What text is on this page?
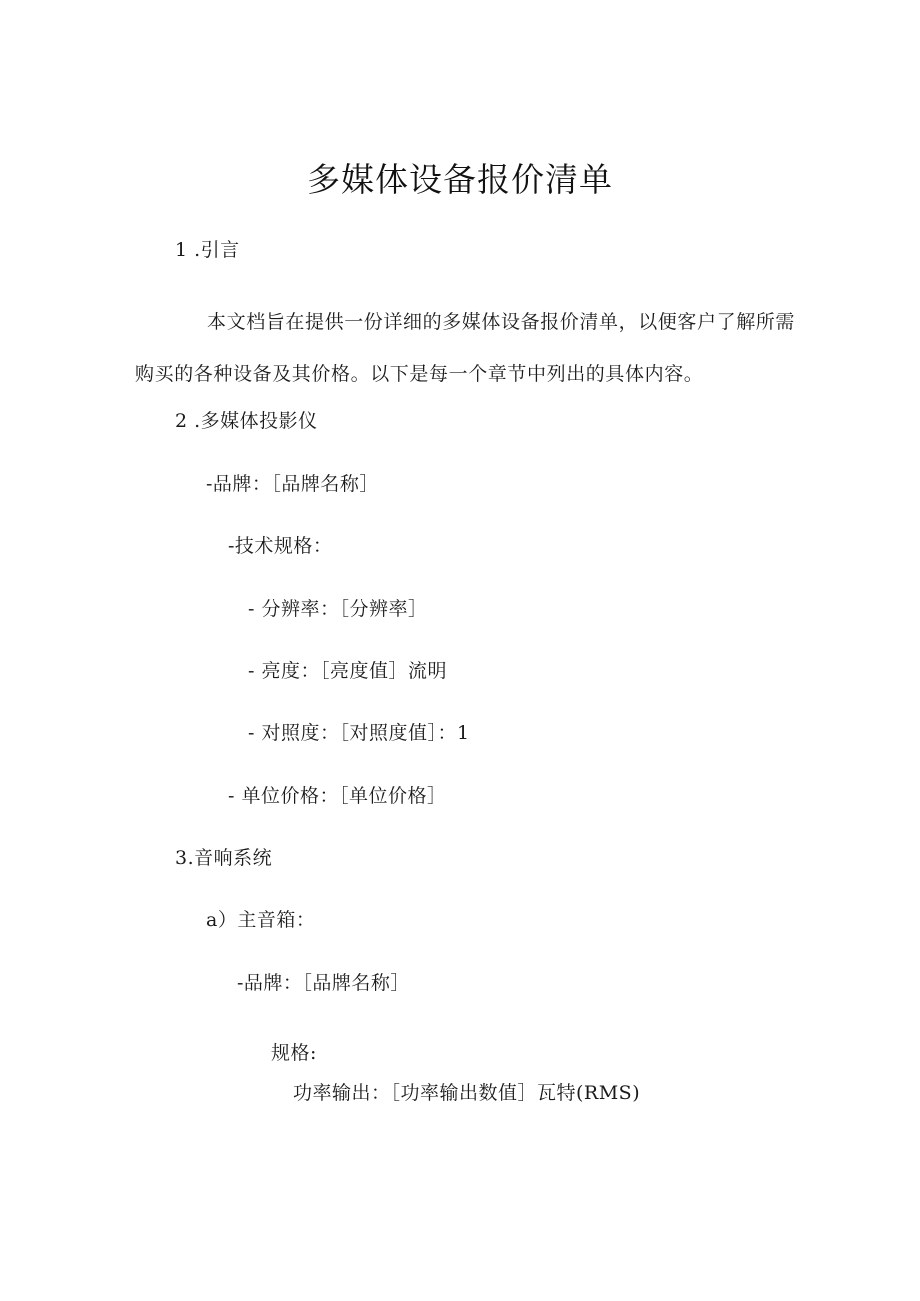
多媒体设备报价清单
1 .引言
本文档旨在提供一份详细的多媒体设备报价清单，以便客户了解所需购买的各种设备及其价格。以下是每一个章节中列出的具体内容。
2 .多媒体投影仪
-品牌：［品牌名称］
-技术规格：
- 分辨率：［分辨率］
- 亮度：［亮度值］流明
- 对照度：［对照度值］：1
- 单位价格：［单位价格］
3.音响系统
a）主音箱：
-品牌：［品牌名称］
规格:
功率输出：［功率输出数值］瓦特(RMS)
